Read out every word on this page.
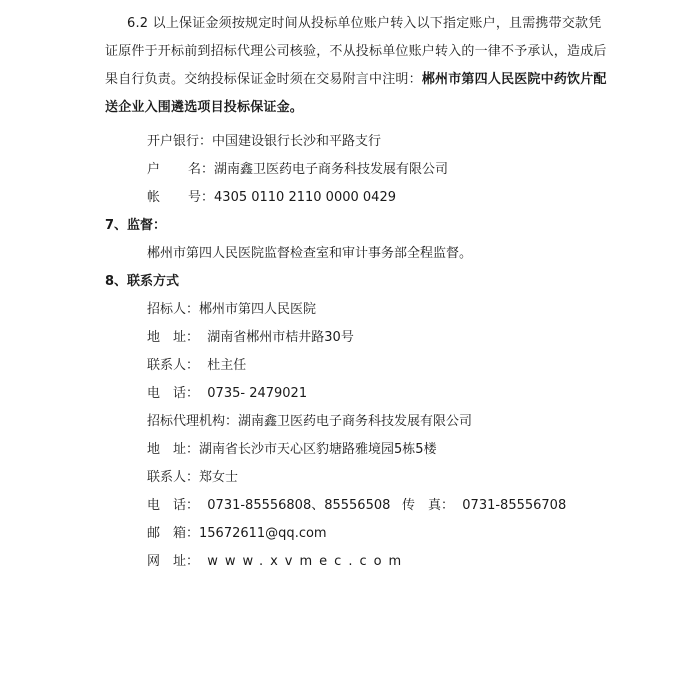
6.2 以上保证金须按规定时间从投标单位账户转入以下指定账户，且需携带交款凭证原件于开标前到招标代理公司核验，不从投标单位账户转入的一律不予承认，造成后果自行负责。交纳投标保证金时须在交易附言中注明：郴州市第四人民医院中药饮片配送企业入围遴选项目投标保证金。
开户银行：中国建设银行长沙和平路支行
户 名：湖南鑫卫医药电子商务科技发展有限公司
帐 号：4305 0110 2110 0000 0429
7、监督：
郴州市第四人民医院监督检查室和审计事务部全程监督。
8、联系方式
招标人：郴州市第四人民医院
地　址： 湖南省郴州市桔井路30号
联系人： 杜主任
电　话： 0735- 2479021
招标代理机构：湖南鑫卫医药电子商务科技发展有限公司
地　址：湖南省长沙市天心区豹塘路雅境园5栋5楼
联系人：郑女士
电　话： 0731-85556808、85556508 传　真： 0731-85556708
邮　箱：15672611@qq.com
网　址： www.xvmec.com
